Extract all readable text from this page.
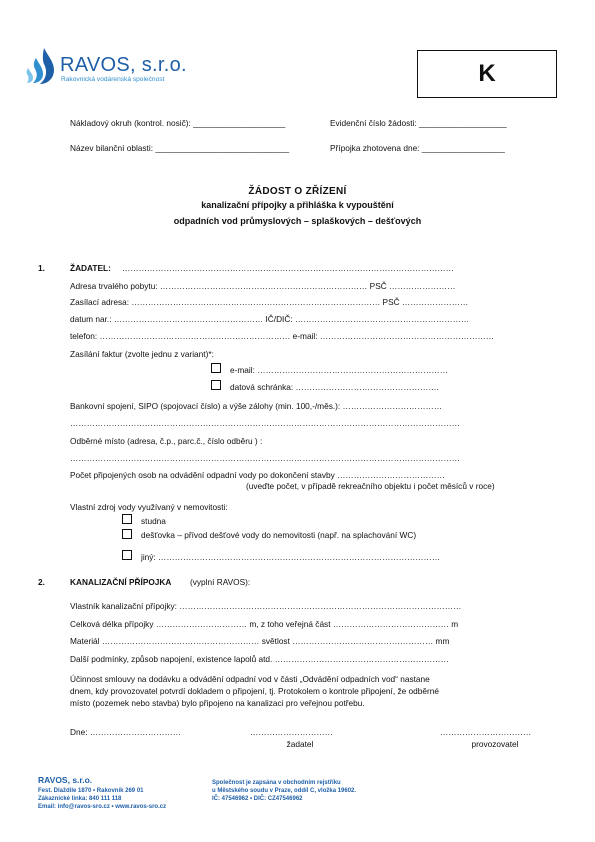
RAVOS, s.r.o.
Rakovnická vodárenská společnost	K
Nákladový okruh (kontrol. nosič): ____________________	Evidenční číslo žádosti: ___________________
Název bilanční oblasti: _____________________________	Přípojka zhotovena dne: __________________
ŽÁDOST O ZŘÍZENÍ
kanalizační přípojky a přihláška k vypouštění
odpadních vod průmyslových – splaškových – dešťových
1.	ŽADATEL: …………………………………………………………………………………………………………
Adresa trvalého pobytu: ………………………………………………………………… PSČ ……………………
Zasílací adresa: ……………………………………………………………………………… PSČ ……………………
datum nar.: ……………………………………………… IČ/DIČ: ………………………………………………………
telefon: …………………………………………………………… e-mail: ………………………………………………………
Zasílání faktur (zvolte jednu z variant)*:
e-mail: ……………………………………………………………
datová schránka: …………………………………………….
Bankovní spojení, SIPO (spojovací číslo) a výše zálohy (min. 100,-/měs.): ………………………………
……………………………………………………………………………………………………………………………
Odběrné místo (adresa, č.p., parc.č., číslo odběru ) :
……………………………………………………………………………………………………………………………
Počet připojených osob na odvádění odpadní vody po dokončení stavby …………………………………
(uveďte počet, v případě rekreačního objektu i počet měsíců v roce)
Vlastní zdroj vody využívaný v nemovitosti:
studna
dešťovka – přívod dešťové vody do nemovitosti (např. na splachování WC)
jiný: …………………………………………………………………………………………
2.	KANALIZAČNÍ PŘÍPOJKA (vyplní RAVOS):
Vlastník kanalizační přípojky: …………………………………………………………………………………………
Celková délka přípojky …………………………… m, z toho veřejná část …………………………………… m
Materiál ………………………………………………… světlost …………………………………………… mm
Další podmínky, způsob napojení, existence lapolů atd. ………………………………………………………
Účinnost smlouvy na dodávku a odvádění odpadní vod v části „Odvádění odpadních vod“ nastane
dnem, kdy provozovatel potvrdí dokladem o připojení, tj. Protokolem o kontrole připojení, že odběrné
místo (pozemek nebo stavba) bylo připojeno na kanalizaci pro veřejnou potřebu.
Dne: ……………………………	…………………………
žadatel
……………………………
provozovatel
RAVOS, s.r.o.
Fest. Dlaždile 1870 • Rakovník 269 01
Zákaznické linka: 840 111 118
Email: info@ravos-sro.cz • www.ravos-sro.cz
Společnost je zapsána v obchodním rejstříku
u Městského soudu v Praze, oddíl C, vložka 19602.
IČ: 47546962 • DIČ: CZ47546962
